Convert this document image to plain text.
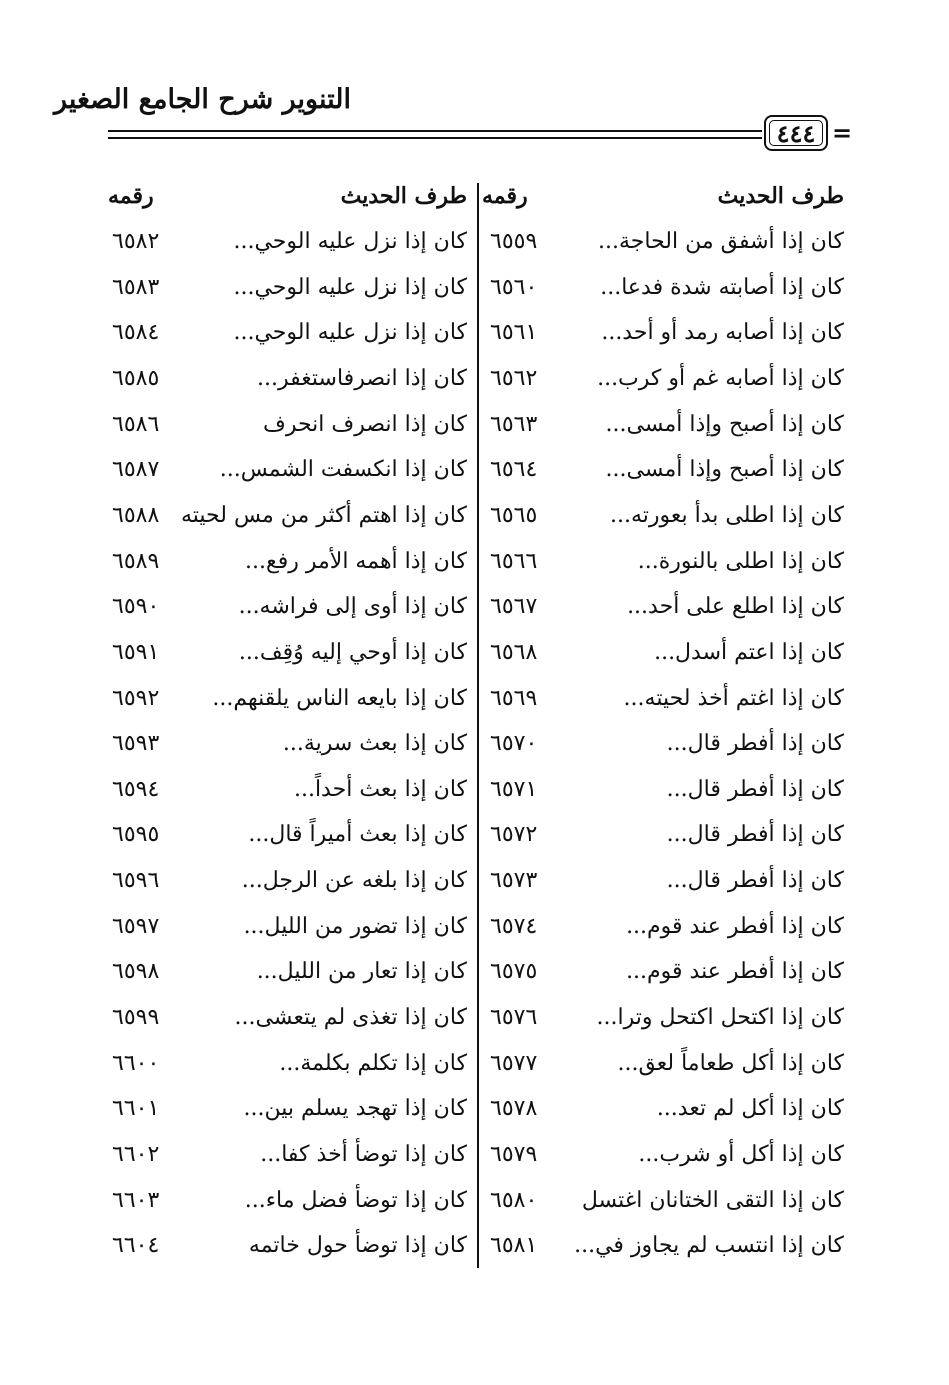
التنوير شرح الجامع الصغير
٤٤٤ =
طرف الحديث
رقمه
طرف الحديث
رقمه
كان إذا أشفق من الحاجة...
٦٥٥٩
كان إذا أصابته شدة فدعا...
٦٥٦٠
كان إذا أصابه رمد أو أحد...
٦٥٦١
كان إذا أصابه غم أو كرب...
٦٥٦٢
كان إذا أصبح وإذا أمسى...
٦٥٦٣
كان إذا أصبح وإذا أمسى...
٦٥٦٤
كان إذا اطلى بدأ بعورته...
٦٥٦٥
كان إذا اطلى بالنورة...
٦٥٦٦
كان إذا اطلع على أحد...
٦٥٦٧
كان إذا اعتم أسدل...
٦٥٦٨
كان إذا اغتم أخذ لحيته...
٦٥٦٩
كان إذا أفطر قال...
٦٥٧٠
كان إذا أفطر قال...
٦٥٧١
كان إذا أفطر قال...
٦٥٧٢
كان إذا أفطر قال...
٦٥٧٣
كان إذا أفطر عند قوم...
٦٥٧٤
كان إذا أفطر عند قوم...
٦٥٧٥
كان إذا اكتحل اكتحل وترا...
٦٥٧٦
كان إذا أكل طعاماً لعق...
٦٥٧٧
كان إذا أكل لم تعد...
٦٥٧٨
كان إذا أكل أو شرب...
٦٥٧٩
كان إذا التقى الختانان اغتسل
٦٥٨٠
كان إذا انتسب لم يجاوز في...
٦٥٨١
كان إذا نزل عليه الوحي...
٦٥٨٢
كان إذا نزل عليه الوحي...
٦٥٨٣
كان إذا نزل عليه الوحي...
٦٥٨٤
كان إذا انصرفاستغفر...
٦٥٨٥
كان إذا انصرف انحرف
٦٥٨٦
كان إذا انكسفت الشمس...
٦٥٨٧
كان إذا اهتم أكثر من مس لحيته
٦٥٨٨
كان إذا أهمه الأمر رفع...
٦٥٨٩
كان إذا أوى إلى فراشه...
٦٥٩٠
كان إذا أوحي إليه وُقِف...
٦٥٩١
كان إذا بايعه الناس يلقنهم...
٦٥٩٢
كان إذا بعث سرية...
٦٥٩٣
كان إذا بعث أحداً...
٦٥٩٤
كان إذا بعث أميراً قال...
٦٥٩٥
كان إذا بلغه عن الرجل...
٦٥٩٦
كان إذا تضور من الليل...
٦٥٩٧
كان إذا تعار من الليل...
٦٥٩٨
كان إذا تغذى لم يتعشى...
٦٥٩٩
كان إذا تكلم بكلمة...
٦٦٠٠
كان إذا تهجد يسلم بين...
٦٦٠١
كان إذا توضأ أخذ كفا...
٦٦٠٢
كان إذا توضأ فضل ماء...
٦٦٠٣
كان إذا توضأ حول خاتمه
٦٦٠٤
